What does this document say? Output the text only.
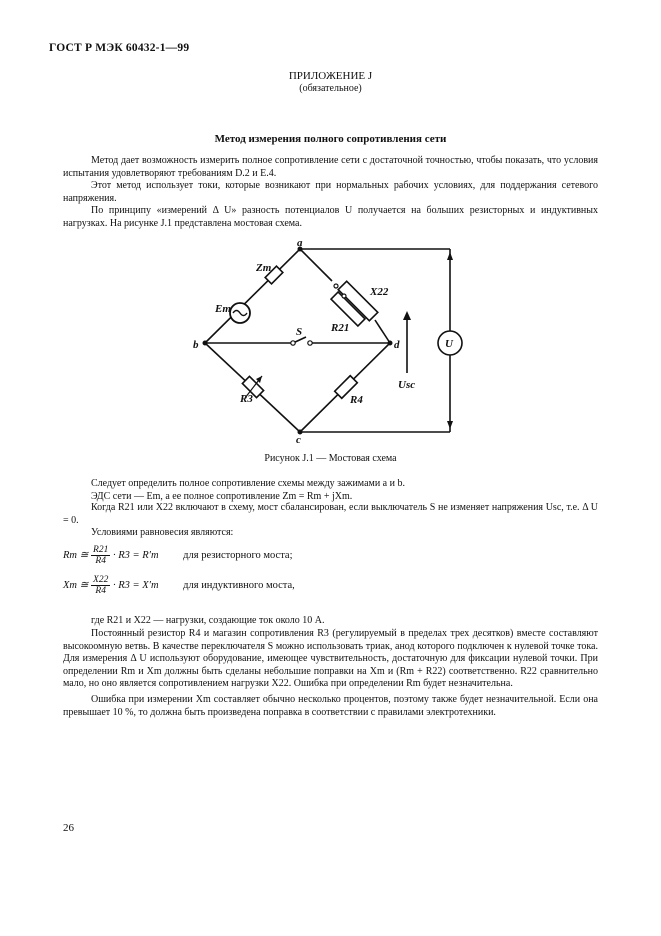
ГОСТ Р МЭК 60432-1—99
ПРИЛОЖЕНИЕ J
(обязательное)
Метод измерения полного сопротивления сети

Метод дает возможность измерить полное сопротивление сети с достаточной точностью, чтобы показать, что условия испытания удовлетворяют требованиям D.2 и E.4.

Этот метод использует токи, которые возникают при нормальных рабочих условиях, для поддержания сетевого напряжения.

По принципу «измерений Δ U» разность потенциалов U получается на больших резисторных и индуктивных нагрузках. На рисунке J.1 представлена мостовая схема.

a
b	d
c
Zm
Em
X22
R21
S
R3	R4
U
Usc
Рисунок J.1 — Мостовая схема

Следует определить полное сопротивление схемы между зажимами a и b.

ЭДС сети — Em, а ее полное сопротивление Zm = Rm + jXm.

Когда R21 или X22 включают в схему, мост сбалансирован, если выключатель S не изменяет напряжения Usc, т.е. Δ U = 0.

Условиями равновесия являются:

Rm ≅ $\frac{R21}{R4} \cdot R3 = R'm$ для резисторного моста;
Xm ≅ $\frac{X22}{R4} \cdot R3 = X'm$ для индуктивного моста,

где R21 и X22 — нагрузки, создающие ток около 10 А.

Постоянный резистор R4 и магазин сопротивления R3 (регулируемый в пределах трех десятков) вместе составляют высокоомную ветвь. В качестве переключателя S можно использовать триак, анод которого подключен к нулевой точке тока. Для измерения Δ U используют оборудование, имеющее чувствительность, достаточную для фиксации нулевой точки. При определении Rm и Xm должны быть сделаны небольшие поправки на Xm и (Rm + R22) соответственно. R22 сравнительно мало, но оно является сопротивлением нагрузки X22. Ошибка при определении Rm будет незначительна.

Ошибка при измерении Xm составляет обычно несколько процентов, поэтому также будет незначительной. Если она превышает 10 %, то должна быть произведена поправка в соответствии с правилами электротехники.

26
